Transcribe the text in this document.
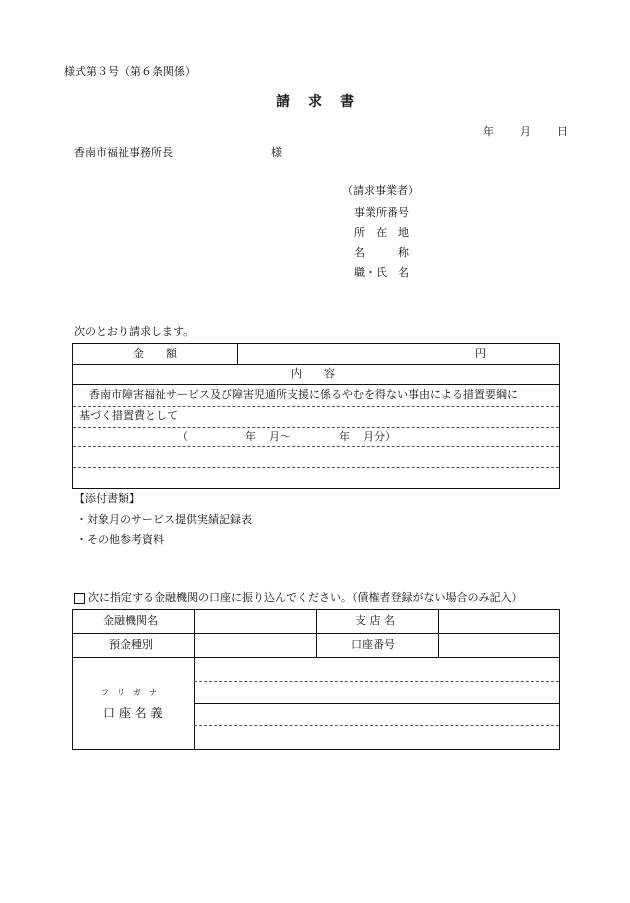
様式第３号（第６条関係）
請　求　書
年 月 日
香南市福祉事務所長	様
（請求事業者）
事業所番号
所　在　地
名　　　称
職・氏　名
次のとおり請求します。
金　　額	円
内　　容
香南市障害福祉サービス及び障害児通所支援に係るやむを得ない事由による措置要綱に
基づく措置費として
（	年 月～	年 月分）
【添付書類】
・対象月のサービス提供実績記録表
・その他参考資料
次に指定する金融機関の口座に振り込んでください。（債権者登録がない場合のみ記入）
金融機関名	支 店 名
預金種別	口座番号
フ　リ　ガ　ナ
口 座 名 義
